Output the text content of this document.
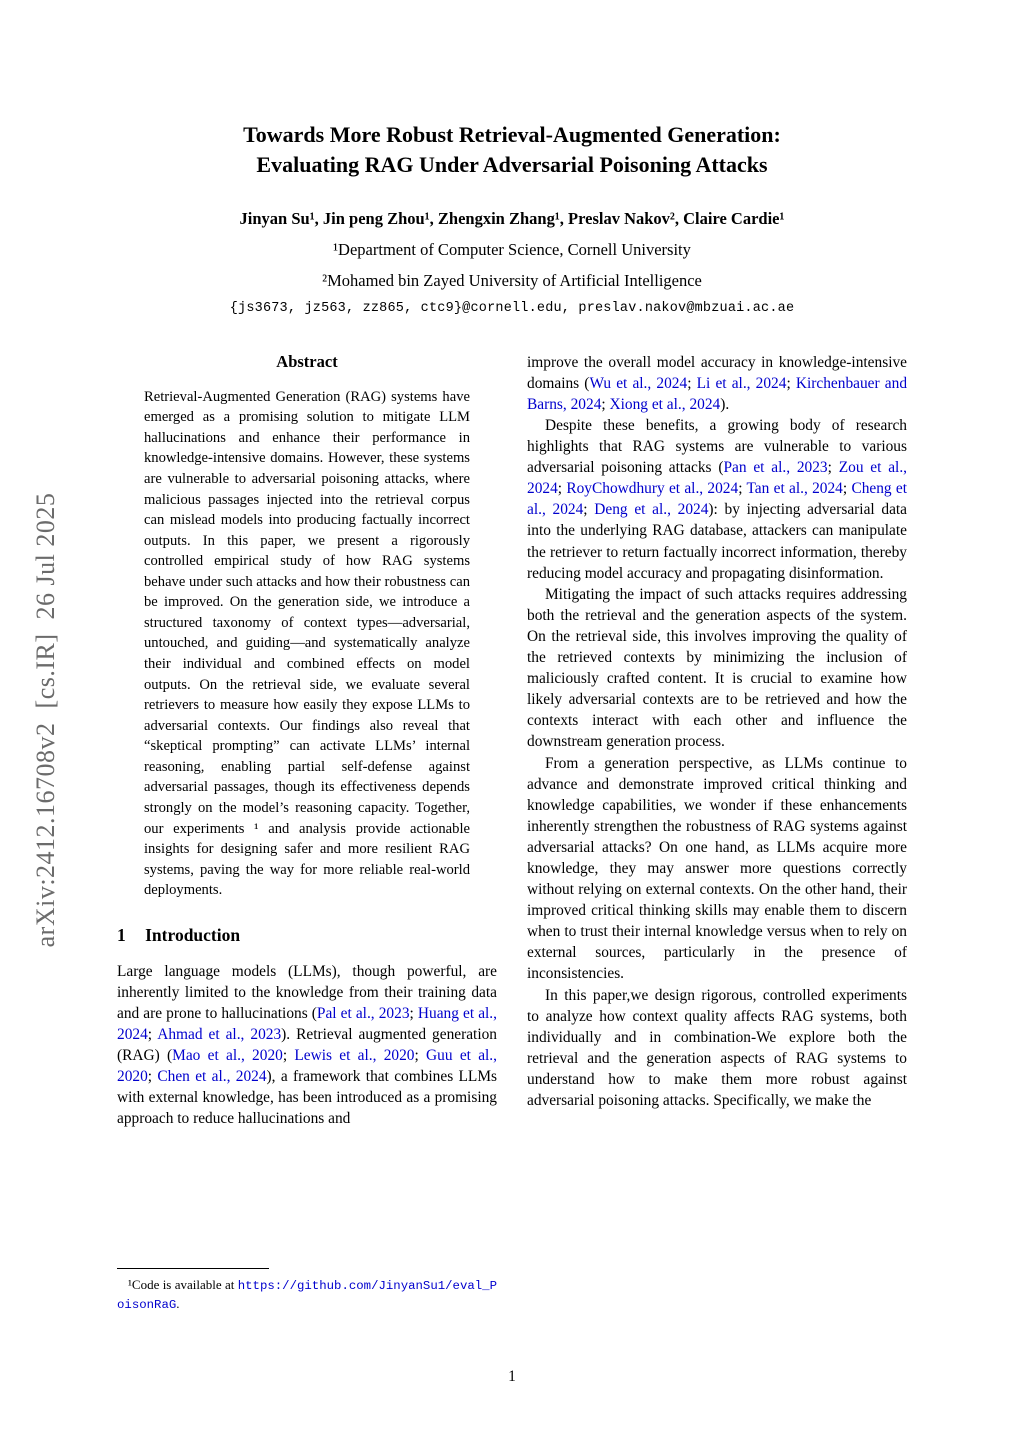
arXiv:2412.16708v2  [cs.IR]  26 Jul 2025
Towards More Robust Retrieval-Augmented Generation:
Evaluating RAG Under Adversarial Poisoning Attacks
Jinyan Su¹, Jin peng Zhou¹, Zhengxin Zhang¹, Preslav Nakov², Claire Cardie¹
¹Department of Computer Science, Cornell University
²Mohamed bin Zayed University of Artificial Intelligence
{js3673, jz563, zz865, ctc9}@cornell.edu, preslav.nakov@mbzuai.ac.ae
Abstract

Retrieval-Augmented Generation (RAG) systems have emerged as a promising solution to mitigate LLM hallucinations and enhance their performance in knowledge-intensive domains. However, these systems are vulnerable to adversarial poisoning attacks, where malicious passages injected into the retrieval corpus can mislead models into producing factually incorrect outputs. In this paper, we present a rigorously controlled empirical study of how RAG systems behave under such attacks and how their robustness can be improved. On the generation side, we introduce a structured taxonomy of context types—adversarial, untouched, and guiding—and systematically analyze their individual and combined effects on model outputs. On the retrieval side, we evaluate several retrievers to measure how easily they expose LLMs to adversarial contexts. Our findings also reveal that “skeptical prompting” can activate LLMs’ internal reasoning, enabling partial self-defense against adversarial passages, though its effectiveness depends strongly on the model’s reasoning capacity. Together, our experiments ¹ and analysis provide actionable insights for designing safer and more resilient RAG systems, paving the way for more reliable real-world deployments.

1 Introduction

Large language models (LLMs), though powerful, are inherently limited to the knowledge from their training data and are prone to hallucinations (Pal et al., 2023; Huang et al., 2024; Ahmad et al., 2023). Retrieval augmented generation (RAG) (Mao et al., 2020; Lewis et al., 2020; Guu et al., 2020; Chen et al., 2024), a framework that combines LLMs with external knowledge, has been introduced as a promising approach to reduce hallucinations and

¹Code is available at https://github.com/JinyanSu1/eval_PoisonRaG.

improve the overall model accuracy in knowledge-intensive domains (Wu et al., 2024; Li et al., 2024; Kirchenbauer and Barns, 2024; Xiong et al., 2024).

Despite these benefits, a growing body of research highlights that RAG systems are vulnerable to various adversarial poisoning attacks (Pan et al., 2023; Zou et al., 2024; RoyChowdhury et al., 2024; Tan et al., 2024; Cheng et al., 2024; Deng et al., 2024): by injecting adversarial data into the underlying RAG database, attackers can manipulate the retriever to return factually incorrect information, thereby reducing model accuracy and propagating disinformation.

Mitigating the impact of such attacks requires addressing both the retrieval and the generation aspects of the system. On the retrieval side, this involves improving the quality of the retrieved contexts by minimizing the inclusion of maliciously crafted content. It is crucial to examine how likely adversarial contexts are to be retrieved and how the contexts interact with each other and influence the downstream generation process.

From a generation perspective, as LLMs continue to advance and demonstrate improved critical thinking and knowledge capabilities, we wonder if these enhancements inherently strengthen the robustness of RAG systems against adversarial attacks? On one hand, as LLMs acquire more knowledge, they may answer more questions correctly without relying on external contexts. On the other hand, their improved critical thinking skills may enable them to discern when to trust their internal knowledge versus when to rely on external sources, particularly in the presence of inconsistencies.

In this paper,we design rigorous, controlled experiments to analyze how context quality affects RAG systems, both individually and in combination-We explore both the retrieval and the generation aspects of RAG systems to understand how to make them more robust against adversarial poisoning attacks. Specifically, we make the

1
